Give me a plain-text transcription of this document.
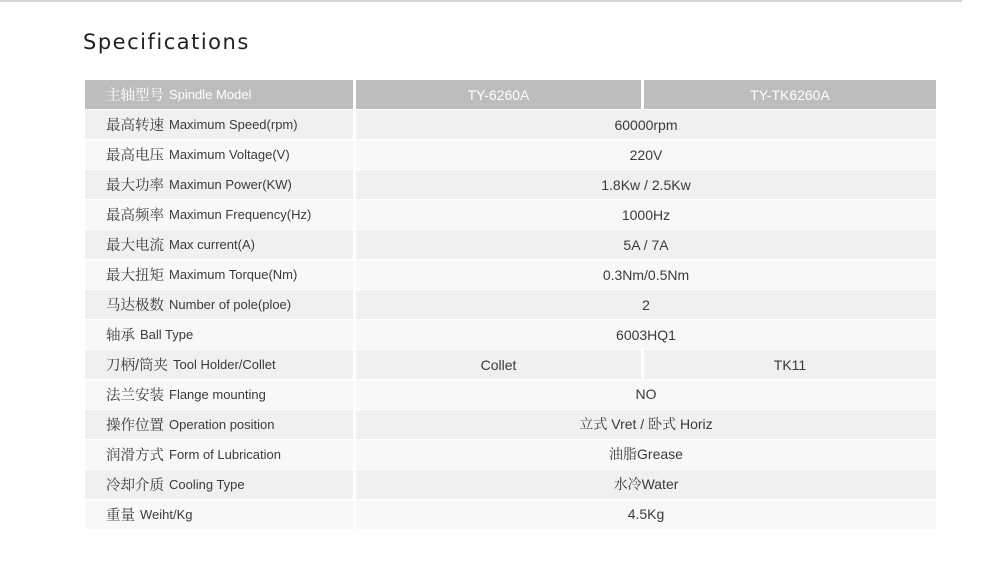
Specifications
主轴型号 Spindle Model	TY-6260A	TY-TK6260A
最高转速 Maximum Speed(rpm)	60000rpm
最高电压 Maximum Voltage(V)	220V
最大功率 Maximun Power(KW)	1.8Kw / 2.5Kw
最高频率 Maximun Frequency(Hz)	1000Hz
最大电流 Max current(A)	5A / 7A
最大扭矩 Maximum Torque(Nm)	0.3Nm/0.5Nm
马达极数 Number of pole(ploe)	2
轴承 Ball Type	6003HQ1
刀柄/筒夹 Tool Holder/Collet	Collet	TK11
法兰安装 Flange mounting	NO
操作位置 Operation position	立式 Vret / 卧式 Horiz
润滑方式 Form of Lubrication	油脂Grease
冷却介质 Cooling Type	水冷Water
重量 Weiht/Kg	4.5Kg
